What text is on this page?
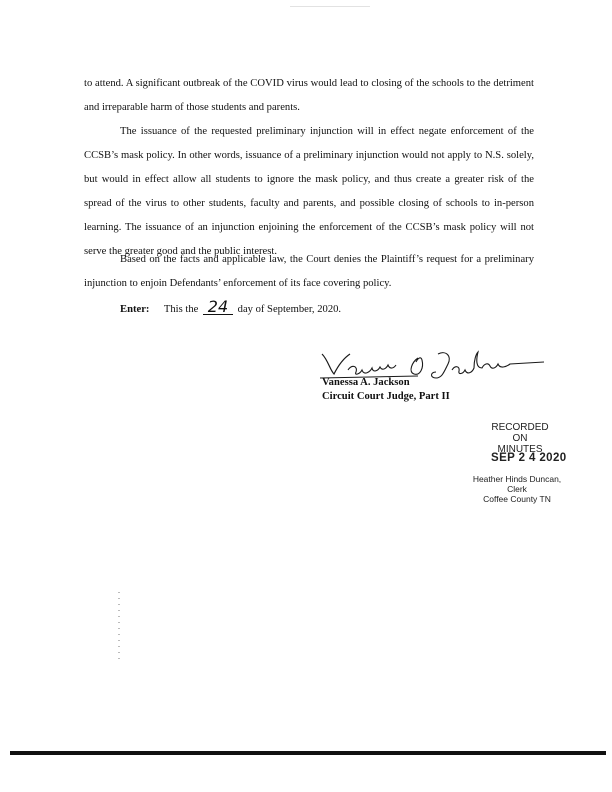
to attend. A significant outbreak of the COVID virus would lead to closing of the schools to the detriment and irreparable harm of those students and parents.

The issuance of the requested preliminary injunction will in effect negate enforcement of the CCSB’s mask policy. In other words, issuance of a preliminary injunction would not apply to N.S. solely, but would in effect allow all students to ignore the mask policy, and thus create a greater risk of the spread of the virus to other students, faculty and parents, and possible closing of schools to in-person learning. The issuance of an injunction enjoining the enforcement of the CCSB’s mask policy will not serve the greater good and the public interest.

Based on the facts and applicable law, the Court denies the Plaintiff’s request for a preliminary injunction to enjoin Defendants’ enforcement of its face covering policy.

Enter: This the 24 day of September, 2020.
Vanessa A. Jackson
Circuit Court Judge, Part II
RECORDED
ON MINUTES
SEP 2 4 2020
Heather Hinds Duncan, Clerk
Coffee County TN
